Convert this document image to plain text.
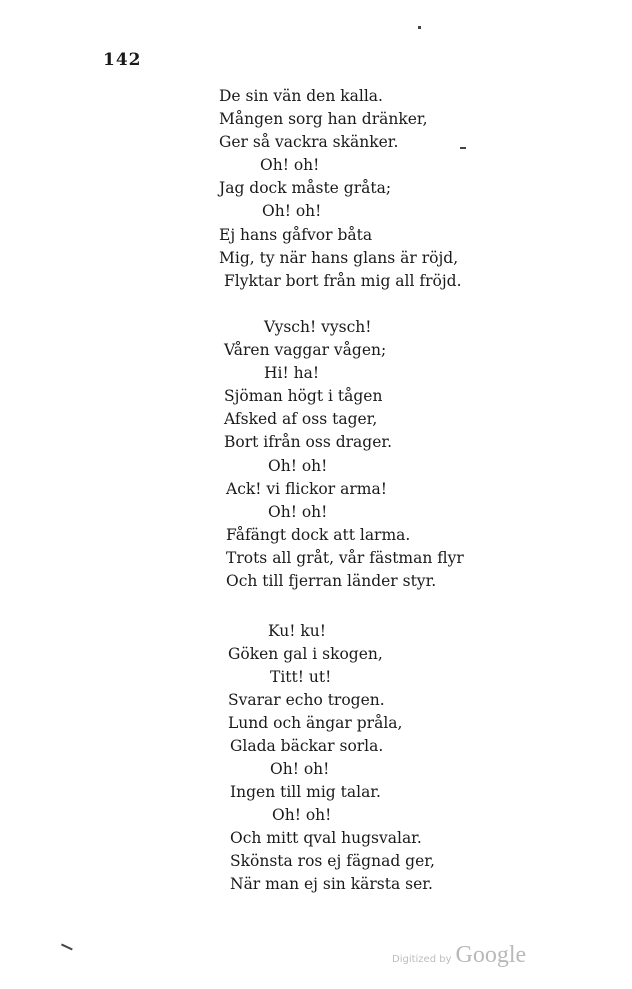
142
De sin vän den kalla.
Mången sorg han dränker,
Ger så vackra skänker.
Oh! oh!
Jag dock måste gråta;
Oh! oh!
Ej hans gåfvor båta
Mig, ty när hans glans är röjd,
Flyktar bort från mig all fröjd.
Vysch! vysch!
Våren vaggar vågen;
Hi! ha!
Sjöman högt i tågen
Afsked af oss tager,
Bort ifrån oss drager.
Oh! oh!
Ack! vi flickor arma!
Oh! oh!
Fåfängt dock att larma.
Trots all gråt, vår fästman flyr
Och till fjerran länder styr.
Ku! ku!
Göken gal i skogen,
Titt! ut!
Svarar echo trogen.
Lund och ängar pråla,
Glada bäckar sorla.
Oh! oh!
Ingen till mig talar.
Oh! oh!
Och mitt qval hugsvalar.
Skönsta ros ej fägnad ger,
När man ej sin kärsta ser.
Digitized by Google
